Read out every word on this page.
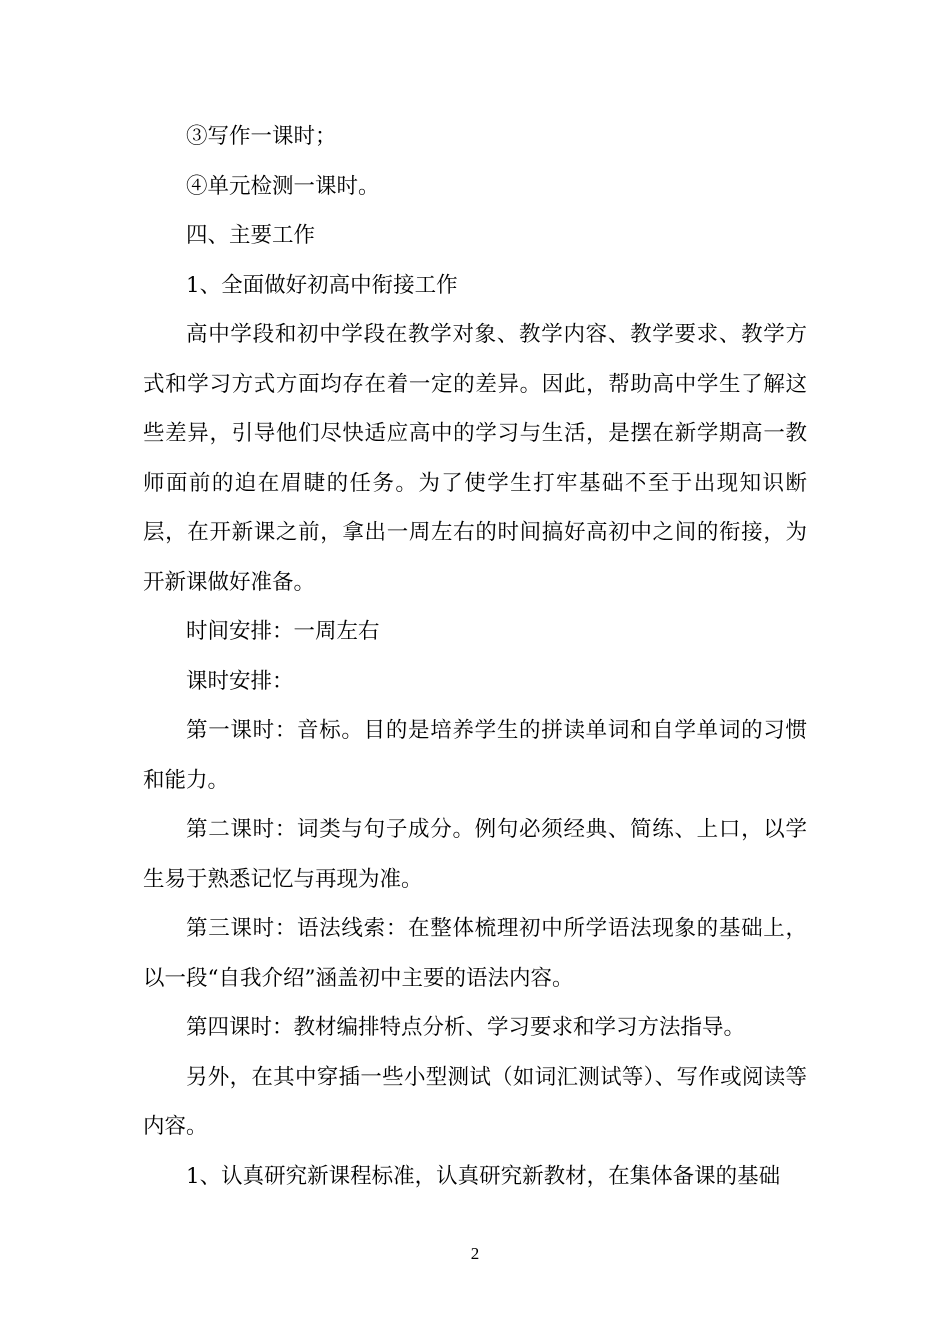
③写作一课时；

④单元检测一课时。

四、主要工作

1、全面做好初高中衔接工作

高中学段和初中学段在教学对象、教学内容、教学要求、教学方式和学习方式方面均存在着一定的差异。因此，帮助高中学生了解这些差异，引导他们尽快适应高中的学习与生活，是摆在新学期高一教师面前的迫在眉睫的任务。为了使学生打牢基础不至于出现知识断层，在开新课之前，拿出一周左右的时间搞好高初中之间的衔接，为开新课做好准备。

时间安排：一周左右

课时安排：

第一课时：音标。目的是培养学生的拼读单词和自学单词的习惯和能力。

第二课时：词类与句子成分。例句必须经典、简练、上口，以学生易于熟悉记忆与再现为准。

第三课时：语法线索：在整体梳理初中所学语法现象的基础上，以一段“自我介绍”涵盖初中主要的语法内容。

第四课时：教材编排特点分析、学习要求和学习方法指导。

另外，在其中穿插一些小型测试（如词汇测试等）、写作或阅读等内容。

1、认真研究新课程标准，认真研究新教材，在集体备课的基础

2
